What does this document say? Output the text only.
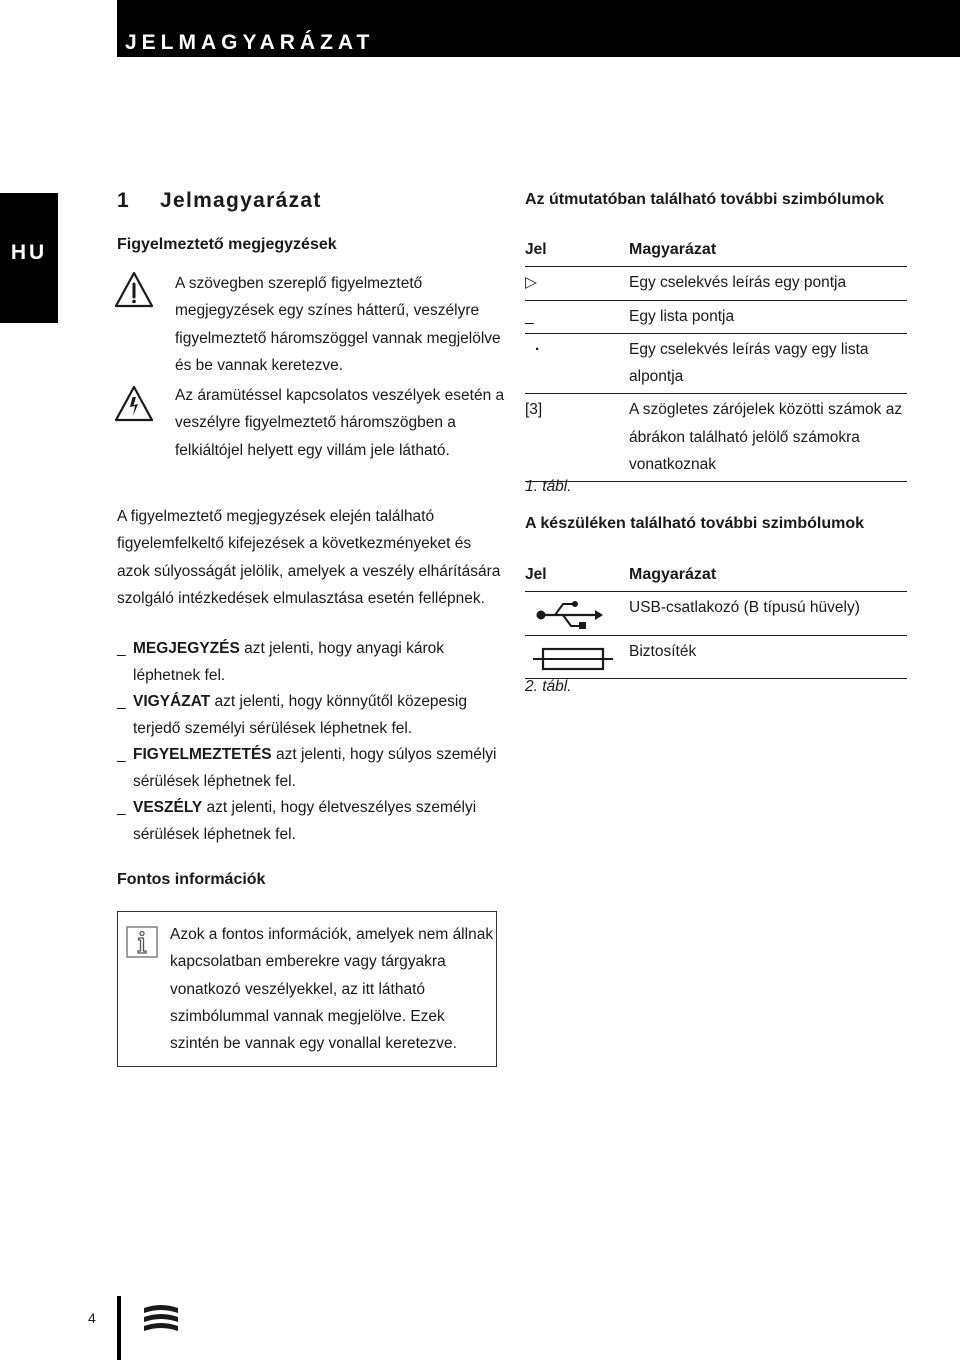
JELMAGYARÁZAT
HU
1 Jelmagyarázat
Figyelmeztető megjegyzések
A szövegben szereplő figyelmeztető megjegyzések egy színes hátterű, veszélyre figyelmeztető háromszöggel vannak megjelölve és be vannak keretezve.
Az áramütéssel kapcsolatos veszélyek esetén a veszélyre figyelmeztető háromszögben a felkiáltójel helyett egy villám jele látható.
A figyelmeztető megjegyzések elején található figyelemfelkeltő kifejezések a következményeket és azok súlyosságát jelölik, amelyek a veszély elhárítására szolgáló intézkedések elmulasztása esetén fellépnek.
_ MEGJEGYZÉS azt jelenti, hogy anyagi károk léphetnek fel.
_ VIGYÁZAT azt jelenti, hogy könnyűtől közepesig terjedő személyi sérülések léphetnek fel.
_ FIGYELMEZTETÉS azt jelenti, hogy súlyos személyi sérülések léphetnek fel.
_ VESZÉLY azt jelenti, hogy életveszélyes személyi sérülések léphetnek fel.
Fontos információk
Azok a fontos információk, amelyek nem állnak kapcsolatban emberekre vagy tárgyakra vonatkozó veszélyekkel, az itt látható szimbólummal vannak megjelölve. Ezek szintén be vannak egy vonallal keretezve.
Az útmutatóban található további szimbólumok
Jel	Magyarázat
▷	Egy cselekvés leírás egy pontja
_	Egy lista pontja
·	Egy cselekvés leírás vagy egy lista alpontja
[3]	A szögletes zárójelek közötti számok az ábrákon található jelölő számokra vonatkoznak
1. tábl.
A készüléken található további szimbólumok
Jel	Magyarázat
USB-csatlakozó (B típusú hüvely)
Biztosíték
2. tábl.
4
